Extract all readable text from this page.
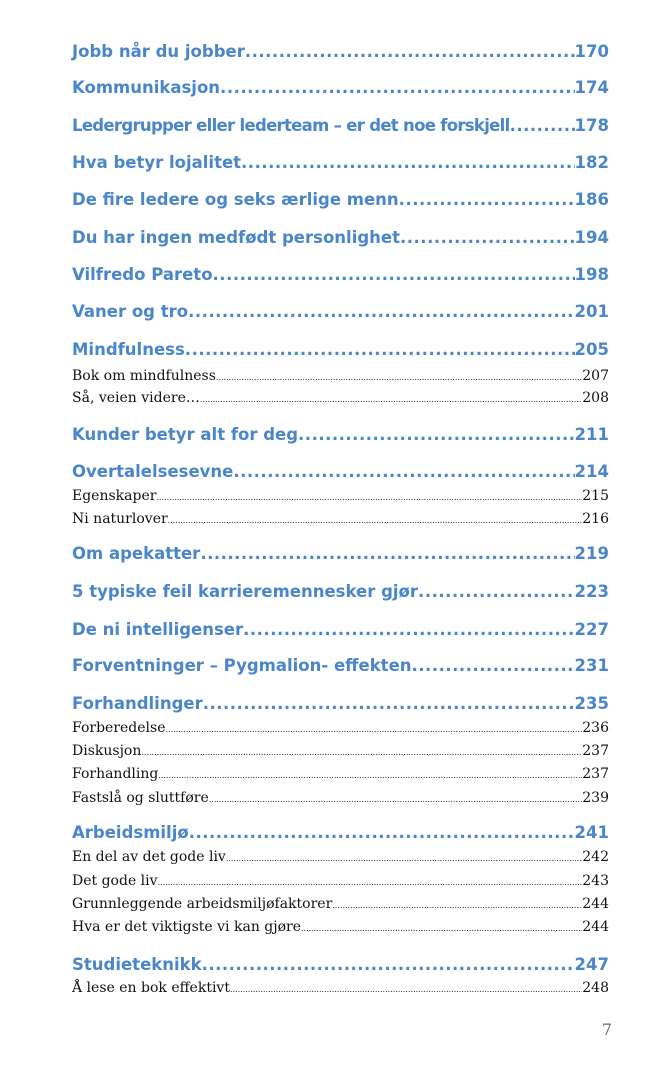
Jobb når du jobber .....	170
Kommunikasjon .....	174
Ledergrupper eller lederteam – er det noe forskjell .....	178
Hva betyr lojalitet .....	182
De fire ledere og seks ærlige menn .....	186
Du har ingen medfødt personlighet .....	194
Vilfredo Pareto .....	198
Vaner og tro .....	201
Mindfulness .....	205
Bok om mindfulness .....	207
Så, veien videre… .....	208
Kunder betyr alt for deg .....	211
Overtalelsesevne .....	214
Egenskaper .....	215
Ni naturlover .....	216
Om apekatter .....	219
5 typiske feil karrieremennesker gjør .....	223
De ni intelligenser .....	227
Forventninger – Pygmalion- effekten .....	231
Forhandlinger .....	235
Forberedelse .....	236
Diskusjon .....	237
Forhandling .....	237
Fastslå og sluttføre .....	239
Arbeidsmiljø .....	241
En del av det gode liv .....	242
Det gode liv .....	243
Grunnleggende arbeidsmiljøfaktorer .....	244
Hva er det viktigste vi kan gjøre .....	244
Studieteknikk .....	247
Å lese en bok effektivt .....	248
7
